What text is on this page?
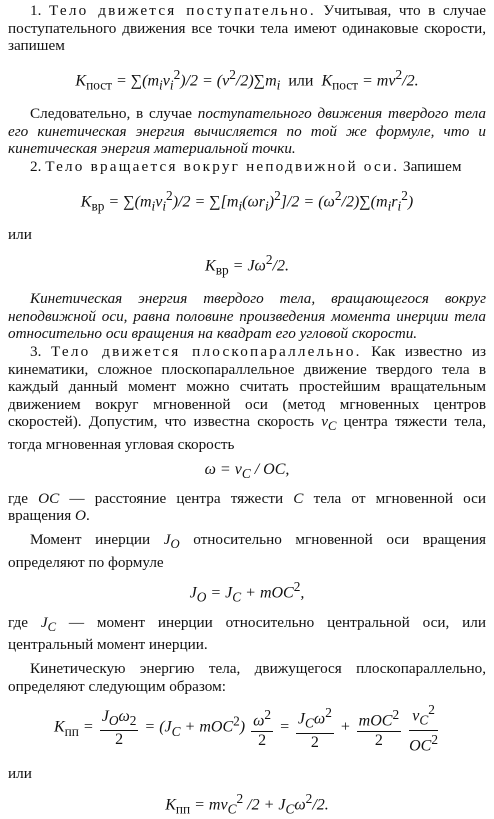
1. Тело движется поступательно. Учитывая, что в случае поступательного движения все точки тела имеют одинаковые скорости, запишем

$K_{пост} = \sum(m_iv_i^2)/2 = (v^2/2)\sum m_i$ или  $K_{пост} = mv^2/2$.

Следовательно, в случае поступательного движения твердого тела его кинетическая энергия вычисляется по той же формуле, что и кинетическая энергия материальной точки.

2. Тело вращается вокруг неподвижной оси. Запишем

$K_{вр} = \sum(m_iv_i^2)/2 = \sum[m_i(\omega r_i)^2]/2 = (\omega^2/2)\sum(m_ir_i^2)$

или

$K_{вр} = J\omega^2/2$.

Кинетическая энергия твердого тела, вращающегося вокруг неподвижной оси, равна половине произведения момента инерции тела относительно оси вращения на квадрат его угловой скорости.

3. Тело движется плоскопараллельно. Как известно из кинематики, сложное плоскопараллельное движение твердого тела в каждый данный момент можно считать простейшим вращательным движением вокруг мгновенной оси (метод мгновенных центров скоростей). Допустим, что известна скорость $v_C$ центра тяжести тела, тогда мгновенная угловая скорость

$\omega = v_C$ / OC,

где OC — расстояние центра тяжести C тела от мгновенной оси вращения O.

Момент инерции $J_O$ относительно мгновенной оси вращения определяют по формуле

$J_O = J_C + mOC^2$,

где $J_C$ — момент инерции относительно центральной оси, или центральный момент инерции.

Кинетическую энергию тела, движущегося плоскопараллельно, определяют следующим образом:

$K_{пп} = \frac{J_O\omega_2}{2} = (J_C + mOC^2) \frac{\omega^2}{2} = \frac{J_C\omega^2}{2} + \frac{mOC^2}{2}$
$\frac{v_C^2}{OC^2}$

или

$K_{пп} = mv_C^2$ $/2 + J_C\omega^2/2$.
